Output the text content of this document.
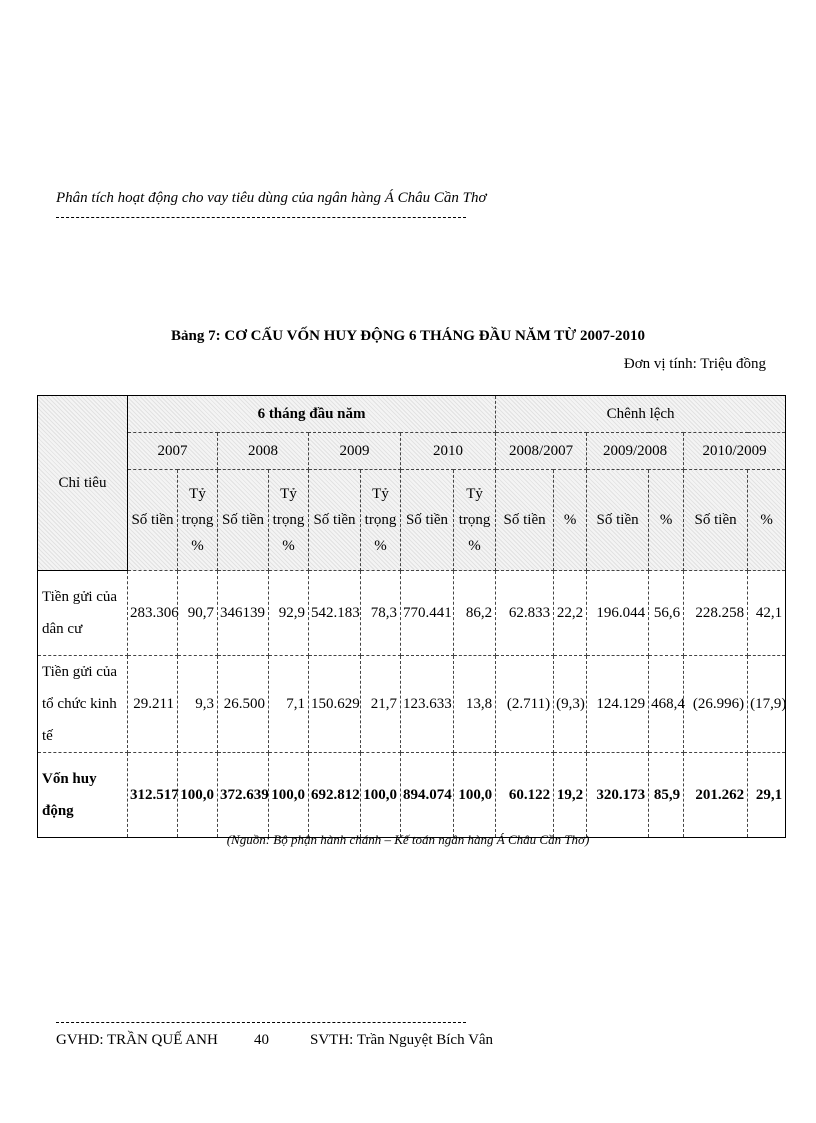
Phân tích hoạt động cho vay tiêu dùng của ngân hàng Á Châu Cần Thơ
Bảng 7: CƠ CẤU VỐN HUY ĐỘNG 6 THÁNG ĐẦU NĂM TỪ 2007-2010
Đơn vị tính: Triệu đồng
Chỉ tiêu	6 tháng đầu năm								Chênh lệch					
	2007		2008		2009		2010		2008/2007		2009/2008		2010/2009	
	Số tiền	Tỷ
trọng
%	Số tiền	Tỷ
trọng
%	Số tiền	Tỷ
trọng
%	Số tiền	Tỷ
trọng
%	Số tiền	%	Số tiền	%	Số tiền	%
Tiền gửi của
dân cư	283.306	90,7	346139	92,9	542.183	78,3	770.441	86,2	62.833	22,2	196.044	56,6	228.258	42,1
Tiền gửi của
tổ chức kinh tế	29.211	9,3	26.500	7,1	150.629	21,7	123.633	13,8	(2.711)	(9,3)	124.129	468,4	(26.996)	(17,9)
Vốn huy động	312.517	100,0	372.639	100,0	692.812	100,0	894.074	100,0	60.122	19,2	320.173	85,9	201.262	29,1
(Nguồn: Bộ phận hành chánh – Kế toán ngân hàng Á Châu Cần Thơ)
GVHD: TRẦN QUẾ ANH 40	SVTH: Trần Nguyệt Bích Vân
